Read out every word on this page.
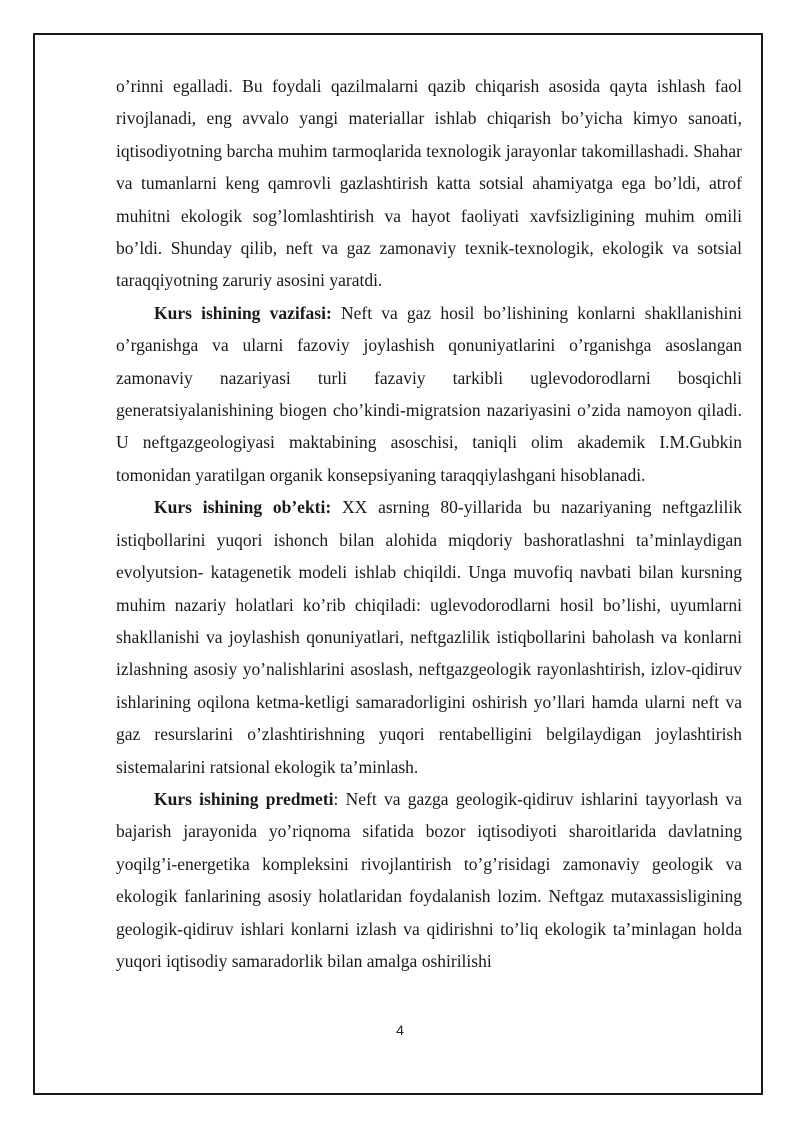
o’rinni egalladi. Bu foydali qazilmalarni qazib chiqarish asosida qayta ishlash faol rivojlanadi, eng avvalo yangi materiallar ishlab chiqarish bo’yicha kimyo sanoati, iqtisodiyotning barcha muhim tarmoqlarida texnologik jarayonlar takomillashadi. Shahar va tumanlarni keng qamrovli gazlashtirish katta sotsial ahamiyatga ega bo’ldi, atrof muhitni ekologik sog’lomlashtirish va hayot faoliyati xavfsizligining muhim omili bo’ldi. Shunday qilib, neft va gaz zamonaviy texnik-texnologik, ekologik va sotsial taraqqiyotning zaruriy asosini yaratdi.

Kurs ishining vazifasi: Neft va gaz hosil bo’lishining konlarni shakllanishini o’rganishga va ularni fazoviy joylashish qonuniyatlarini o’rganishga asoslangan zamonaviy nazariyasi turli fazaviy tarkibli uglevodorodlarni bosqichli generatsiyalanishining biogen cho’kindi-migratsion nazariyasini o’zida namoyon qiladi. U neftgazgeologiyasi maktabining asoschisi, taniqli olim akademik I.M.Gubkin tomonidan yaratilgan organik konsepsiyaning taraqqiylashgani hisoblanadi.

Kurs ishining ob’ekti: XX asrning 80-yillarida bu nazariyaning neftgazlilik istiqbollarini yuqori ishonch bilan alohida miqdoriy bashoratlashni ta’minlaydigan evolyutsion- katagenetik modeli ishlab chiqildi. Unga muvofiq navbati bilan kursning muhim nazariy holatlari ko’rib chiqiladi: uglevodorodlarni hosil bo’lishi, uyumlarni shakllanishi va joylashish qonuniyatlari, neftgazlilik istiqbollarini baholash va konlarni izlashning asosiy yo’nalishlarini asoslash, neftgazgeologik rayonlashtirish, izlov-qidiruv ishlarining oqilona ketma-ketligi samaradorligini oshirish yo’llari hamda ularni neft va gaz resurslarini o’zlashtirishning yuqori rentabelligini belgilaydigan joylashtirish sistemalarini ratsional ekologik ta’minlash.

Kurs ishining predmeti: Neft va gazga geologik-qidiruv ishlarini tayyorlash va bajarish jarayonida yo’riqnoma sifatida bozor iqtisodiyoti sharoitlarida davlatning yoqilg’i-energetika kompleksini rivojlantirish to’g’risidagi zamonaviy geologik va ekologik fanlarining asosiy holatlaridan foydalanish lozim. Neftgaz mutaxassisligining geologik-qidiruv ishlari konlarni izlash va qidirishni to’liq ekologik ta’minlagan holda yuqori iqtisodiy samaradorlik bilan amalga oshirilishi

4
